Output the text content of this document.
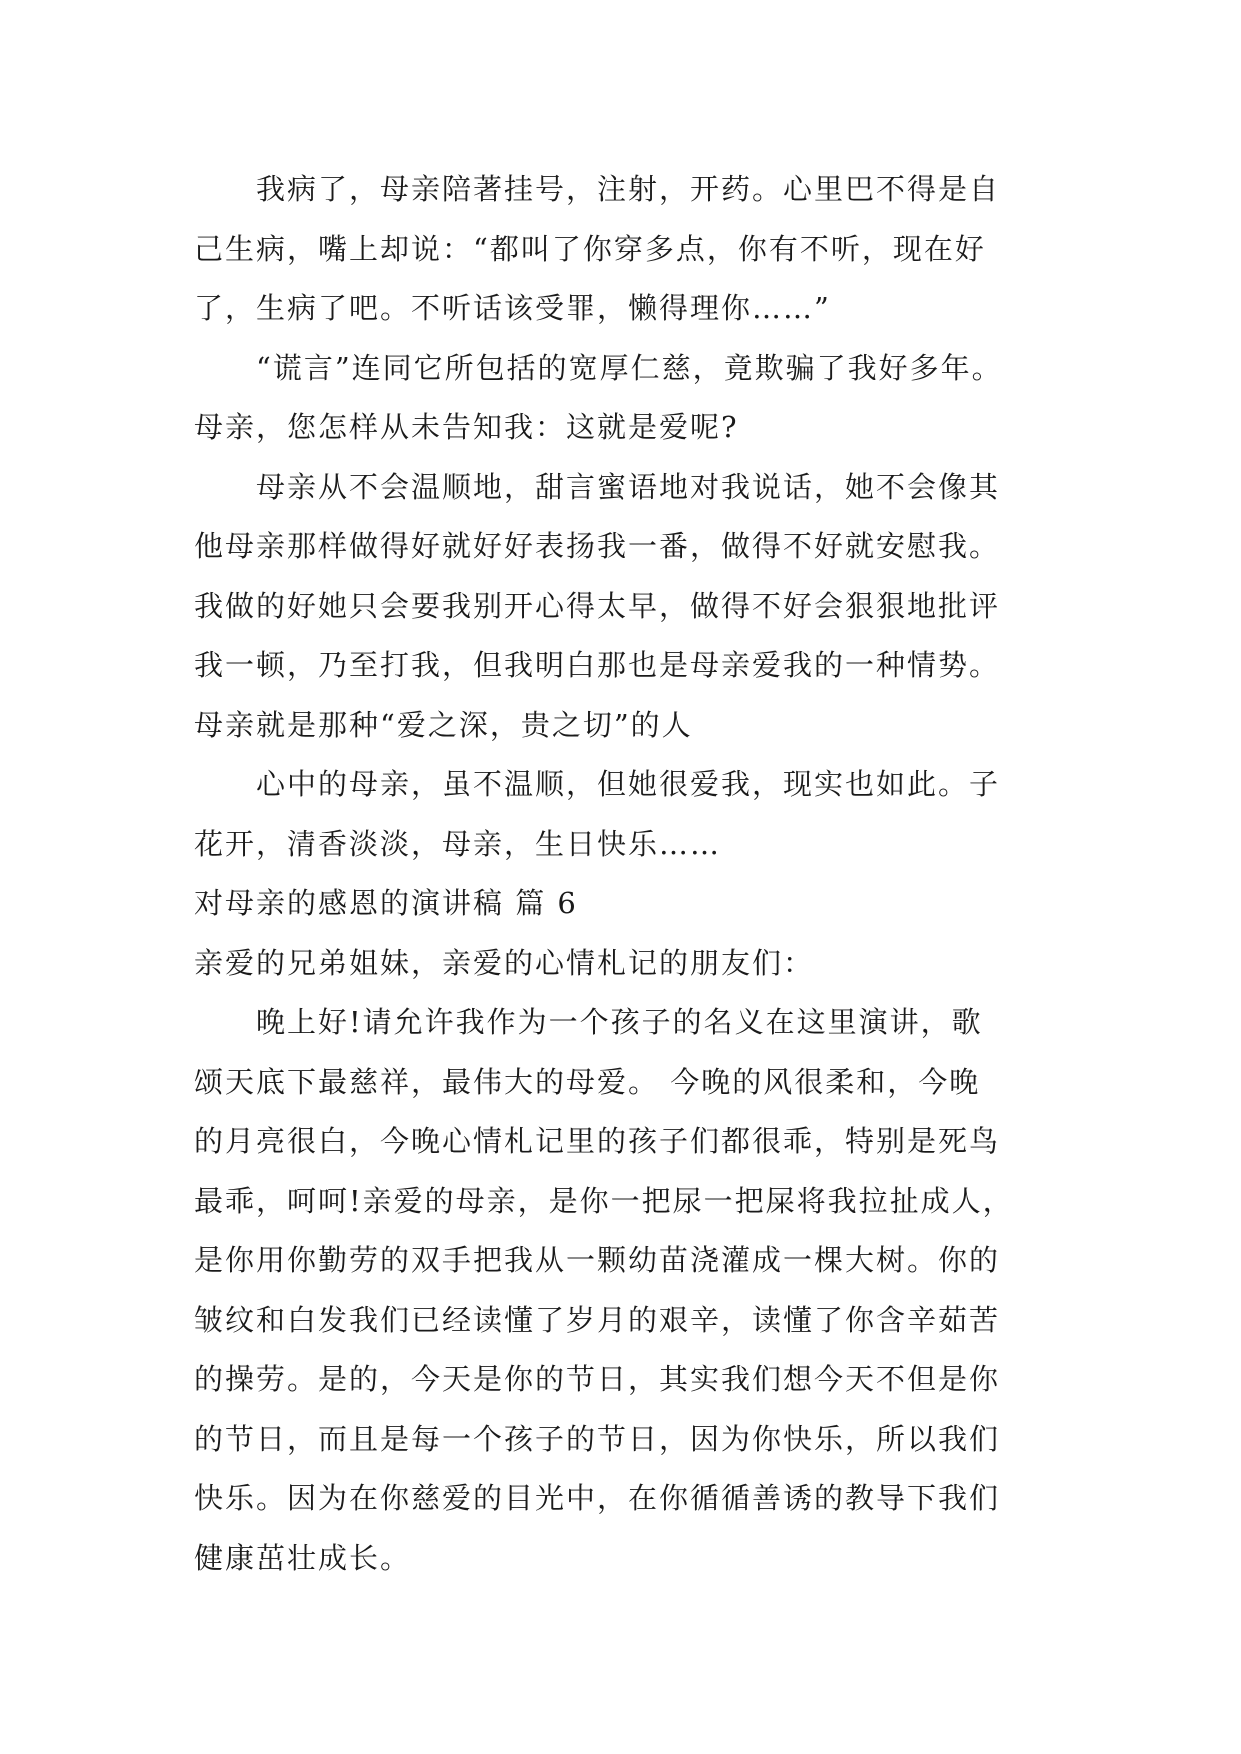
我病了，母亲陪著挂号，注射，开药。心里巴不得是自
己生病，嘴上却说：“都叫了你穿多点，你有不听，现在好
了，生病了吧。不听话该受罪，懒得理你……”
“谎言”连同它所包括的宽厚仁慈，竟欺骗了我好多年。
母亲，您怎样从未告知我：这就是爱呢?
母亲从不会温顺地，甜言蜜语地对我说话，她不会像其
他母亲那样做得好就好好表扬我一番，做得不好就安慰我。
我做的好她只会要我别开心得太早，做得不好会狠狠地批评
我一顿，乃至打我，但我明白那也是母亲爱我的一种情势。
母亲就是那种“爱之深，贵之切”的人
心中的母亲，虽不温顺，但她很爱我，现实也如此。子
花开，清香淡淡，母亲，生日快乐……
对母亲的感恩的演讲稿 篇 6
亲爱的兄弟姐妹，亲爱的心情札记的朋友们：
晚上好!请允许我作为一个孩子的名义在这里演讲，歌
颂天底下最慈祥，最伟大的母爱。 今晚的风很柔和，今晚
的月亮很白，今晚心情札记里的孩子们都很乖，特别是死鸟
最乖，呵呵!亲爱的母亲，是你一把尿一把屎将我拉扯成人，
是你用你勤劳的双手把我从一颗幼苗浇灌成一棵大树。你的
皱纹和白发我们已经读懂了岁月的艰辛，读懂了你含辛茹苦
的操劳。是的，今天是你的节日，其实我们想今天不但是你
的节日，而且是每一个孩子的节日，因为你快乐，所以我们
快乐。因为在你慈爱的目光中，在你循循善诱的教导下我们
健康茁壮成长。
